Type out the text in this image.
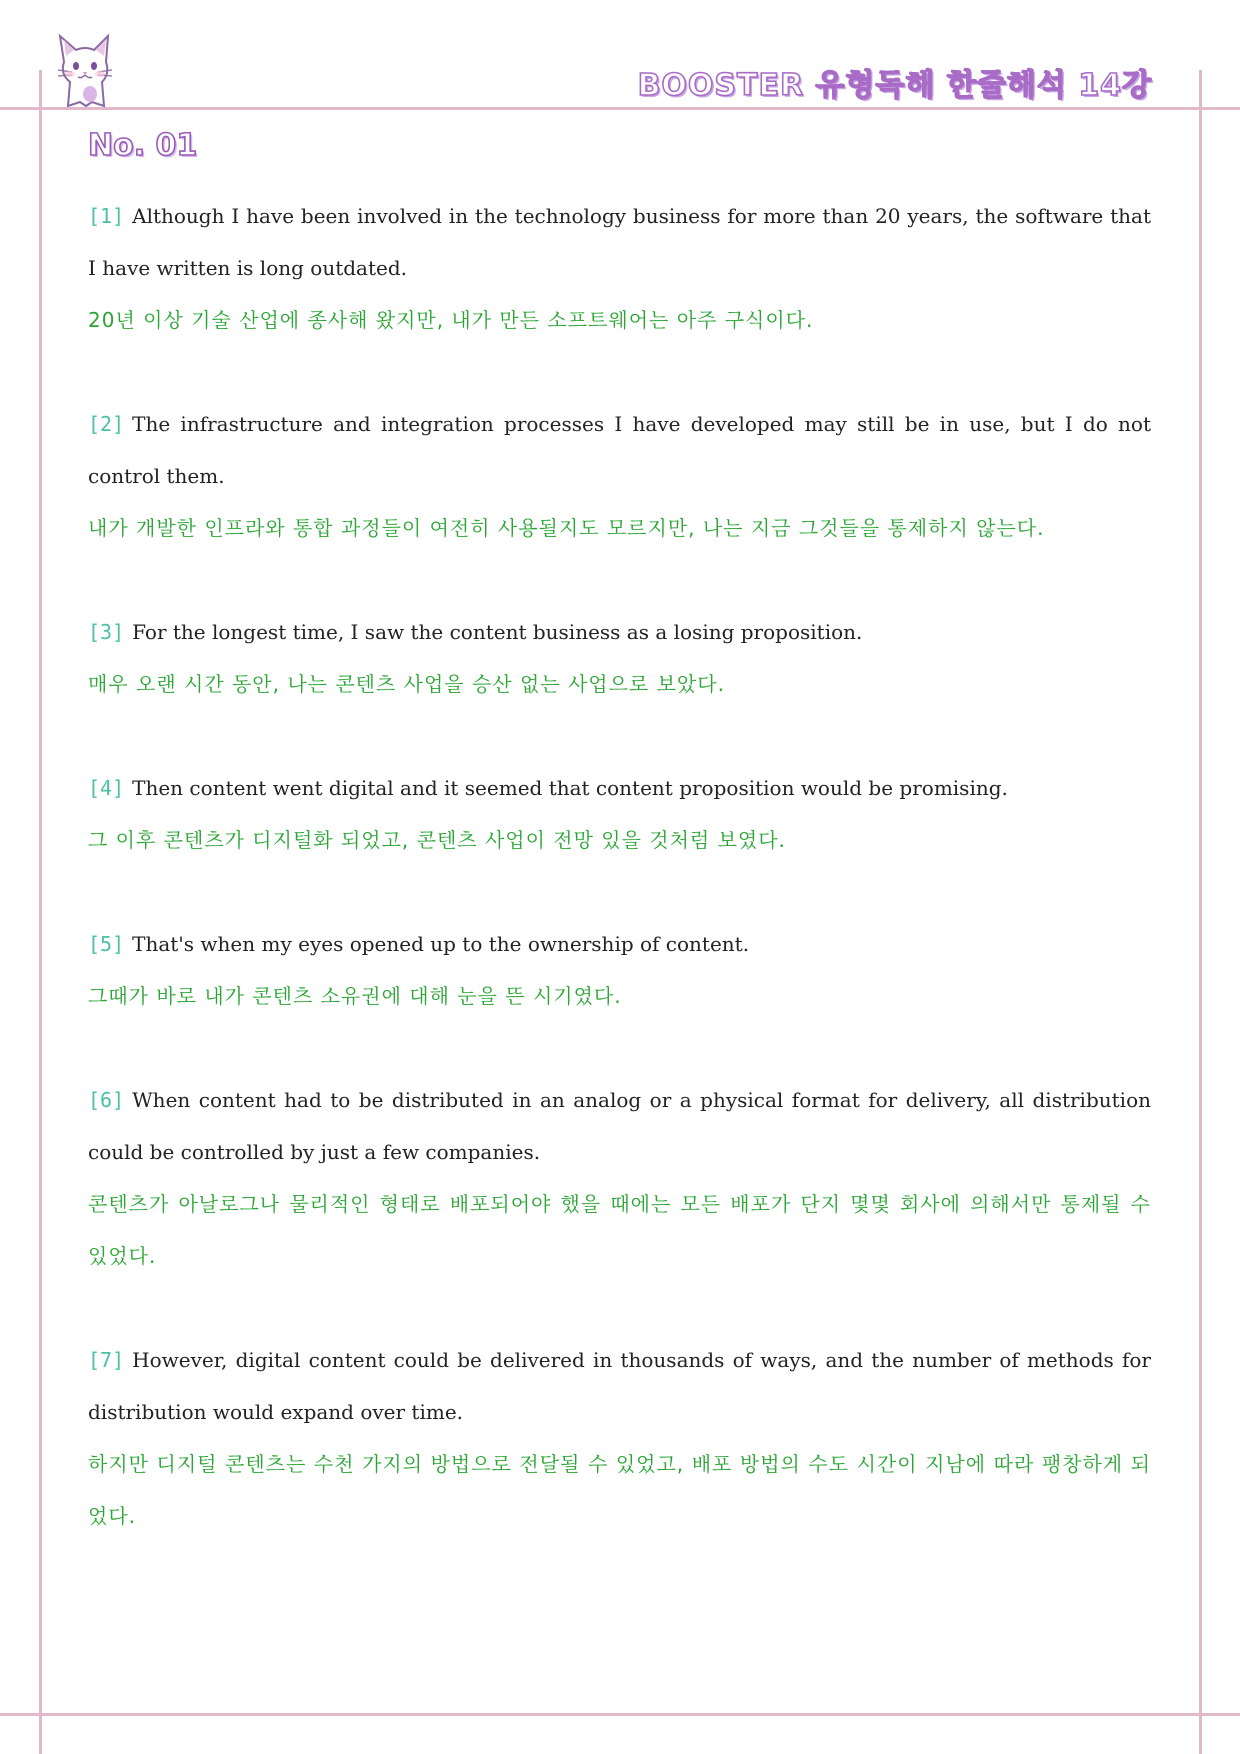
BOOSTER 유형독해 한줄해석 14강
No. 01

[1] Although I have been involved in the technology business for more than 20 years, the software that I have written is long outdated.

20년 이상 기술 산업에 종사해 왔지만, 내가 만든 소프트웨어는 아주 구식이다.

[2] The infrastructure and integration processes I have developed may still be in use, but I do not control them.

내가 개발한 인프라와 통합 과정들이 여전히 사용될지도 모르지만, 나는 지금 그것들을 통제하지 않는다.

[3] For the longest time, I saw the content business as a losing proposition.

매우 오랜 시간 동안, 나는 콘텐츠 사업을 승산 없는 사업으로 보았다.

[4] Then content went digital and it seemed that content proposition would be promising.

그 이후 콘텐츠가 디지털화 되었고, 콘텐츠 사업이 전망 있을 것처럼 보였다.

[5] That's when my eyes opened up to the ownership of content.

그때가 바로 내가 콘텐츠 소유권에 대해 눈을 뜬 시기였다.

[6] When content had to be distributed in an analog or a physical format for delivery, all distribution could be controlled by just a few companies.

콘텐츠가 아날로그나 물리적인 형태로 배포되어야 했을 때에는 모든 배포가 단지 몇몇 회사에 의해서만 통제될 수 있었다.

[7] However, digital content could be delivered in thousands of ways, and the number of methods for distribution would expand over time.

하지만 디지털 콘텐츠는 수천 가지의 방법으로 전달될 수 있었고, 배포 방법의 수도 시간이 지남에 따라 팽창하게 되었다.
